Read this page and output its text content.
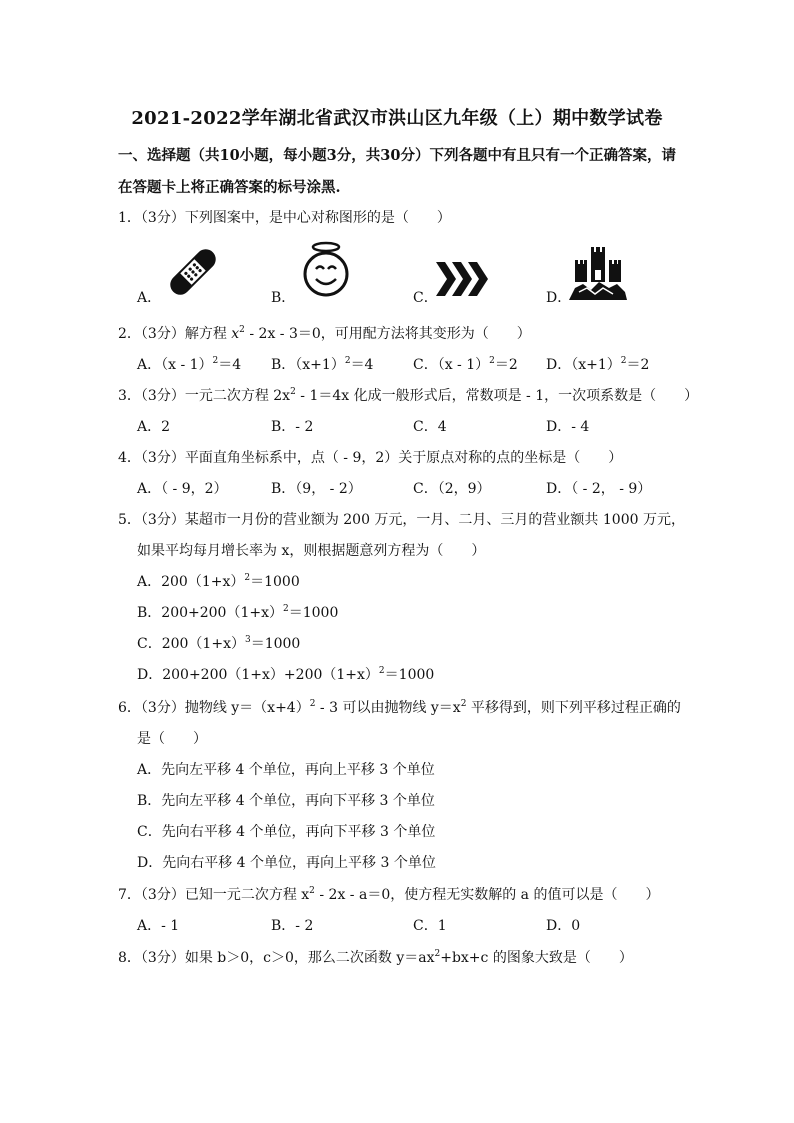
2021-2022学年湖北省武汉市洪山区九年级（上）期中数学试卷
一、选择题（共10小题，每小题3分，共30分）下列各题中有且只有一个正确答案，请
在答题卡上将正确答案的标号涂黑.
1．（3分）下列图案中，是中心对称图形的是（　　）
A．	B．	C．	D．
2．（3分）解方程 $x^2 - 2x - 3=0$，可用配方法将其变形为（　　）
A．（x - 1）$^2$＝4 B．$(x+1)^2=4$	C．（x - 1）$^2$＝2 D．$(x+1)^2=2$
3．（3分）一元二次方程 $2x^2 - 1=4x$ 化成一般形式后，常数项是 - 1，一次项系数是（　　）
A．2	B．- 2	C．4	D．- 4
4．（3分）平面直角坐标系中，点（ - 9，2）关于原点对称的点的坐标是（　　）
A．（ - 9，2）	B．（9， - 2）	C．（2，9）	D．（ - 2， - 9）
5．（3分）某超市一月份的营业额为 200 万元，一月、二月、三月的营业额共 1000 万元，
如果平均每月增长率为 x，则根据题意列方程为（　　）
A．$200(1+x)^2=1000$
B．$200+200(1+x)^2=1000$
C．$200(1+x)^3=1000$
D．$200+200(1+x)+200(1+x)^2=1000$
6．（3分）抛物线 $y=(x+4)^2 - 3$ 可以由抛物线 $y=x^2$ 平移得到，则下列平移过程正确的
是（　　）
A．先向左平移 4 个单位，再向上平移 3 个单位
B．先向左平移 4 个单位，再向下平移 3 个单位
C．先向右平移 4 个单位，再向下平移 3 个单位
D．先向右平移 4 个单位，再向上平移 3 个单位
7．（3分）已知一元二次方程 $x^2 - 2x - a=0$，使方程无实数解的 a 的值可以是（　　）
A．- 1	B．- 2	C．1	D．0
8．（3分）如果 b＞0，c＞0，那么二次函数 $y=ax^2+bx+c$ 的图象大致是（　　）
